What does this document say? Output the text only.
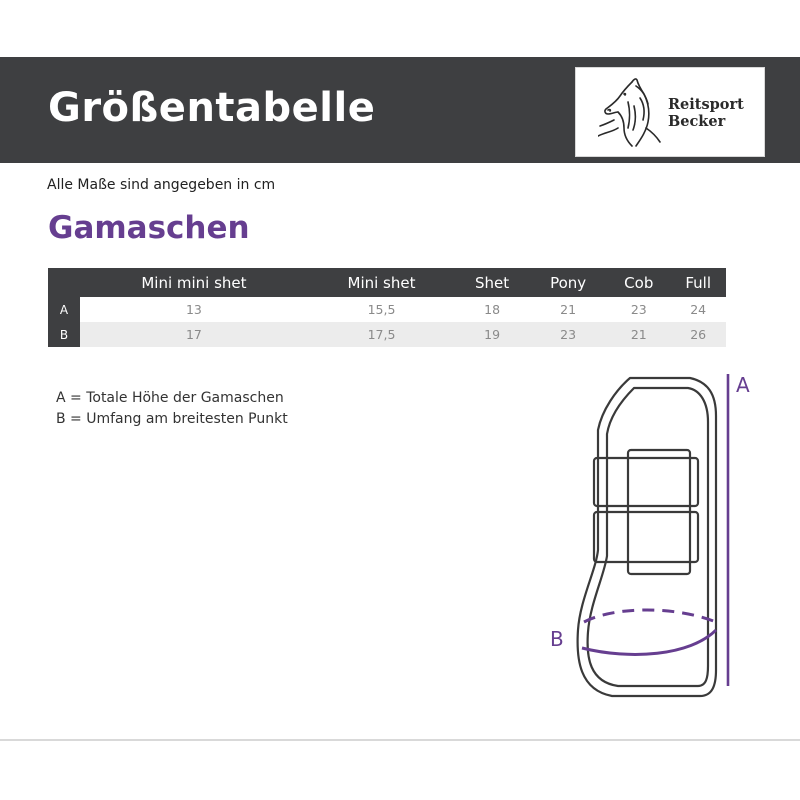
Größentabelle	Reitsport
Becker
Alle Maße sind angegeben in cm
Gamaschen
	Mini mini shet	Mini shet	Shet	Pony	Cob	Full
A	13	15,5	18	21	23	24
B	17	17,5	19	23	21	26
A = Totale Höhe der Gamaschen
B = Umfang am breitesten Punkt
A
B
